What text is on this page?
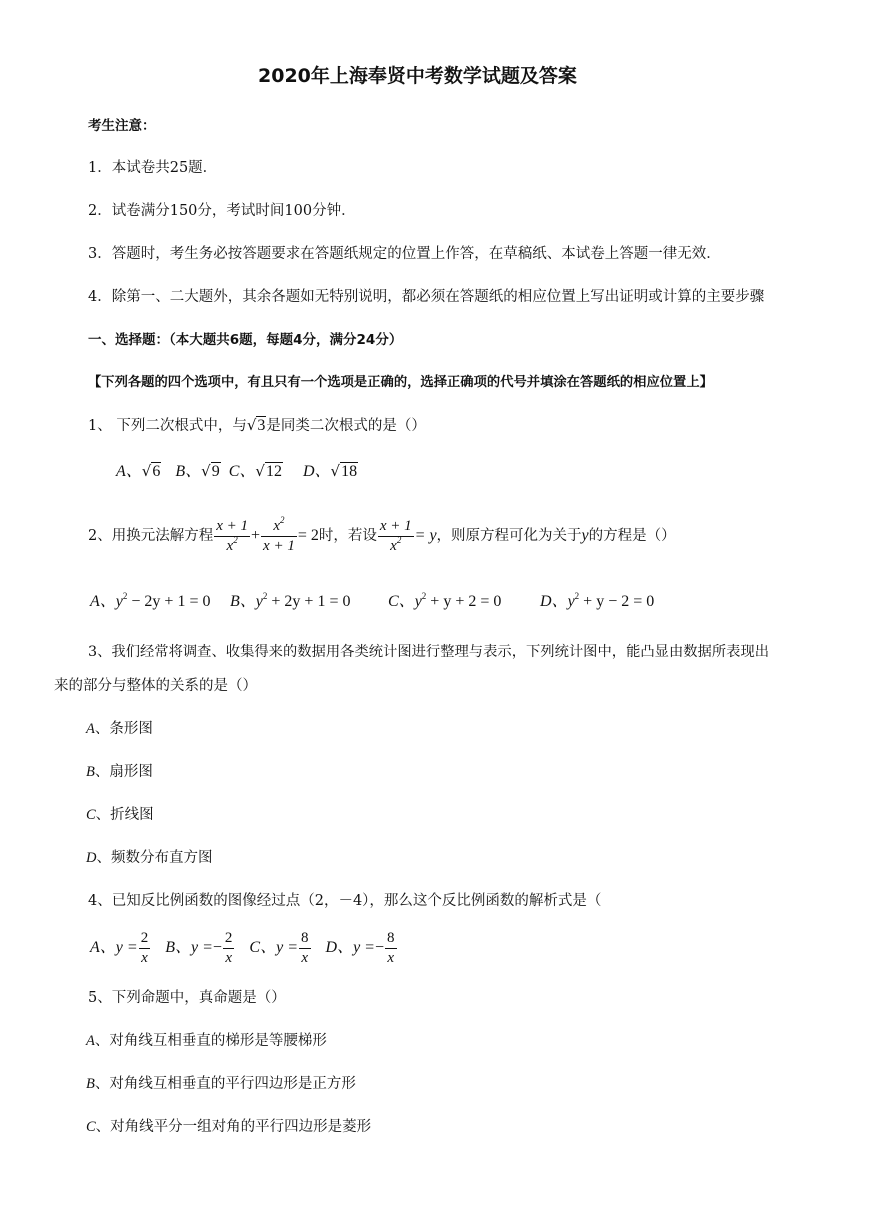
2020年上海奉贤中考数学试题及答案
考生注意：
1．本试卷共25题．
2．试卷满分150分，考试时间100分钟．
3．答题时，考生务必按答题要求在答题纸规定的位置上作答，在草稿纸、本试卷上答题一律无效．
4．除第一、二大题外，其余各题如无特别说明，都必须在答题纸的相应位置上写出证明或计算的主要步骤
一、选择题：（本大题共6题，每题4分，满分24分）
【下列各题的四个选项中，有且只有一个选项是正确的，选择正确项的代号并填涂在答题纸的相应位置上】
1、 下列二次根式中，与√3是同类二次根式的是（）
A、√6 B、√9 C、√12 D、√18
2、用换元法解方程 $\frac{x + 1}{x^2} + \frac{x^2}{x + 1} = 2$时，若设 $\frac{x + 1}{x^2} = y$，则原方程可化为关于y的方程是（）
A、$y^2 - 2y + 1 = 0$ B、$y^2 + 2y + 1 = 0$ C、$y^2 + y + 2 = 0$ D、$y^2 + y - 2 = 0$
3、我们经常将调查、收集得来的数据用各类统计图进行整理与表示，下列统计图中，能凸显由数据所表现出
来的部分与整体的关系的是（）
A、条形图
B、扇形图
C、折线图
D、频数分布直方图
4、已知反比例函数的图像经过点（2，－4），那么这个反比例函数的解析式是（
A、$y = \frac{2}{x}$ B、$y =- \frac{2}{x}$ C、$y = \frac{8}{x}$ D、$y =- \frac{8}{x}$
5、下列命题中，真命题是（）
A、对角线互相垂直的梯形是等腰梯形
B、对角线互相垂直的平行四边形是正方形
C、对角线平分一组对角的平行四边形是菱形
